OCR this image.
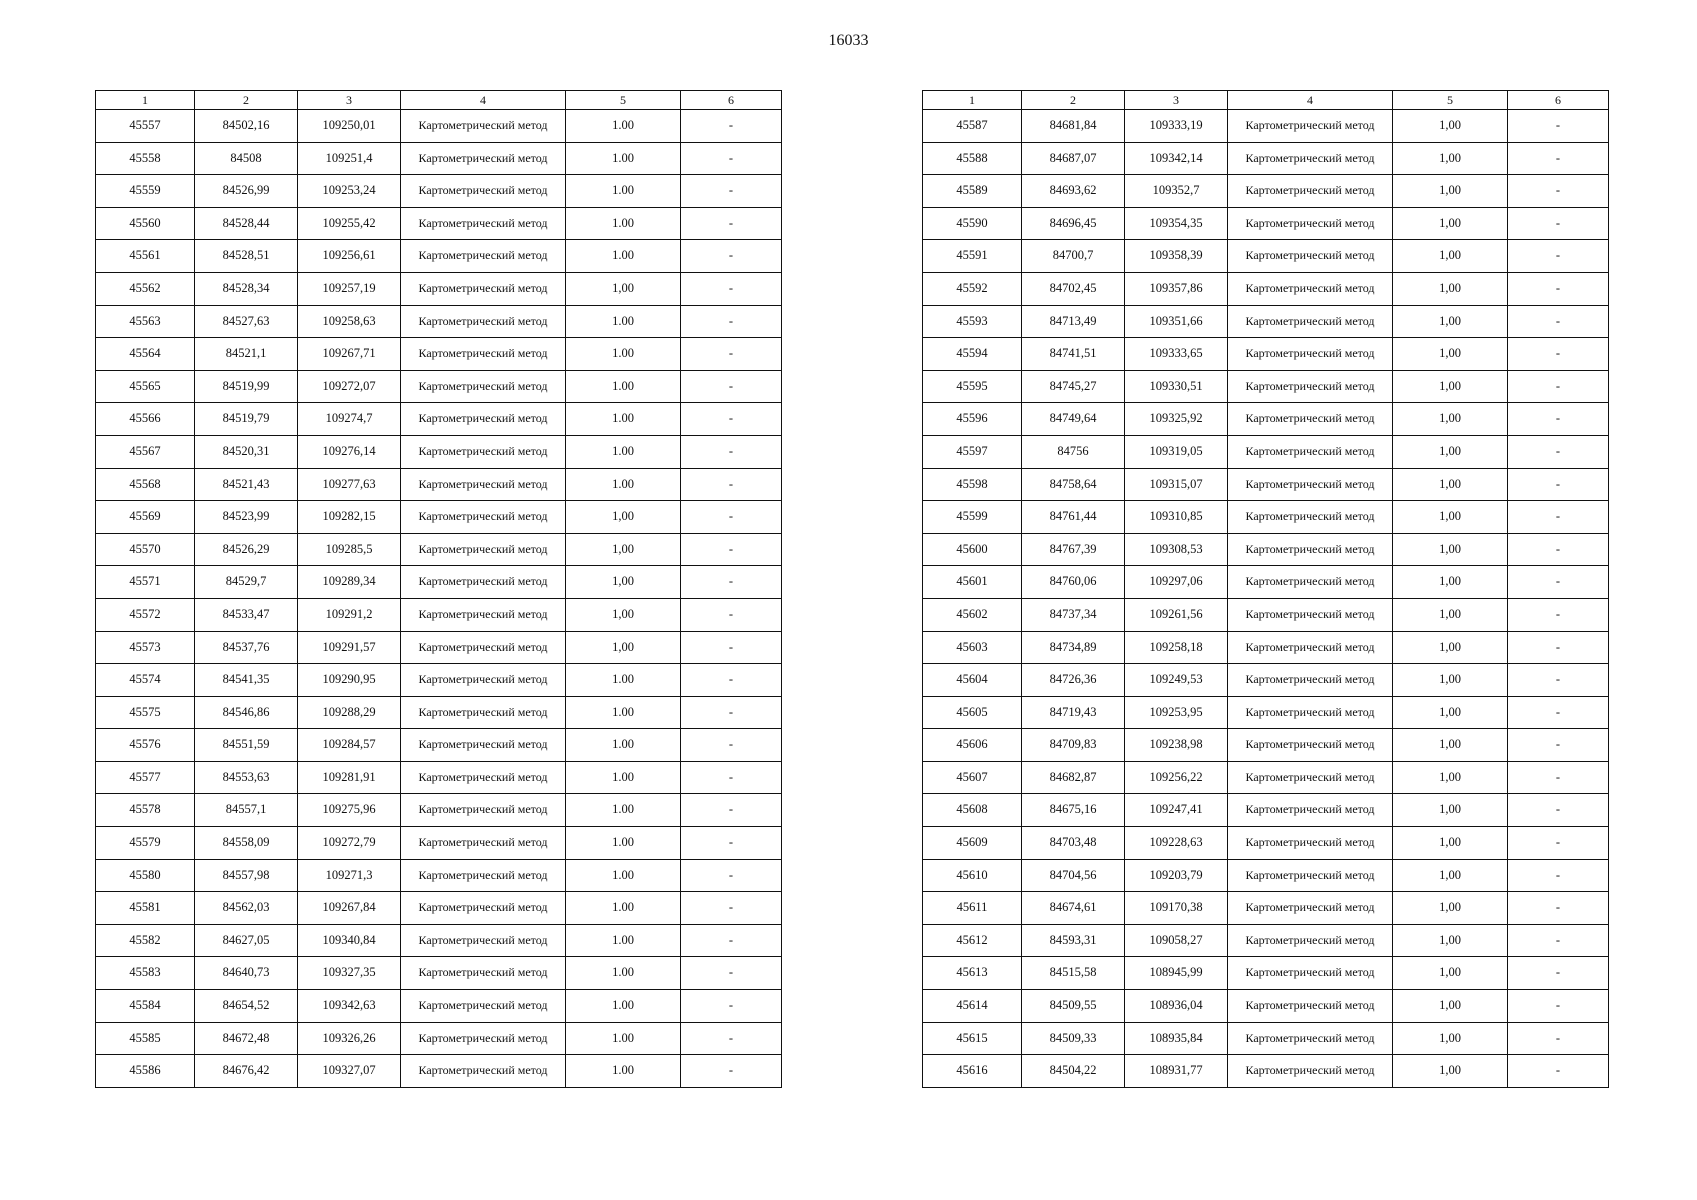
16033
1	2	3	4	5	6
45557	84502,16	109250,01	Картометрический метод	1.00	-
45558	84508	109251,4	Картометрический метод	1.00	-
45559	84526,99	109253,24	Картометрический метод	1.00	-
45560	84528,44	109255,42	Картометрический метод	1.00	-
45561	84528,51	109256,61	Картометрический метод	1.00	-
45562	84528,34	109257,19	Картометрический метод	1,00	-
45563	84527,63	109258,63	Картометрический метод	1.00	-
45564	84521,1	109267,71	Картометрический метод	1.00	-
45565	84519,99	109272,07	Картометрический метод	1.00	-
45566	84519,79	109274,7	Картометрический метод	1.00	-
45567	84520,31	109276,14	Картометрический метод	1.00	-
45568	84521,43	109277,63	Картометрический метод	1.00	-
45569	84523,99	109282,15	Картометрический метод	1,00	-
45570	84526,29	109285,5	Картометрический метод	1,00	-
45571	84529,7	109289,34	Картометрический метод	1,00	-
45572	84533,47	109291,2	Картометрический метод	1,00	-
45573	84537,76	109291,57	Картометрический метод	1,00	-
45574	84541,35	109290,95	Картометрический метод	1.00	-
45575	84546,86	109288,29	Картометрический метод	1.00	-
45576	84551,59	109284,57	Картометрический метод	1.00	-
45577	84553,63	109281,91	Картометрический метод	1.00	-
45578	84557,1	109275,96	Картометрический метод	1.00	-
45579	84558,09	109272,79	Картометрический метод	1.00	-
45580	84557,98	109271,3	Картометрический метод	1.00	-
45581	84562,03	109267,84	Картометрический метод	1.00	-
45582	84627,05	109340,84	Картометрический метод	1.00	-
45583	84640,73	109327,35	Картометрический метод	1.00	-
45584	84654,52	109342,63	Картометрический метод	1.00	-
45585	84672,48	109326,26	Картометрический метод	1.00	-
45586	84676,42	109327,07	Картометрический метод	1.00	-
1	2	3	4	5	6
45587	84681,84	109333,19	Картометрический метод	1,00	-
45588	84687,07	109342,14	Картометрический метод	1,00	-
45589	84693,62	109352,7	Картометрический метод	1,00	-
45590	84696,45	109354,35	Картометрический метод	1,00	-
45591	84700,7	109358,39	Картометрический метод	1,00	-
45592	84702,45	109357,86	Картометрический метод	1,00	-
45593	84713,49	109351,66	Картометрический метод	1,00	-
45594	84741,51	109333,65	Картометрический метод	1,00	-
45595	84745,27	109330,51	Картометрический метод	1,00	-
45596	84749,64	109325,92	Картометрический метод	1,00	-
45597	84756	109319,05	Картометрический метод	1,00	-
45598	84758,64	109315,07	Картометрический метод	1,00	-
45599	84761,44	109310,85	Картометрический метод	1,00	-
45600	84767,39	109308,53	Картометрический метод	1,00	-
45601	84760,06	109297,06	Картометрический метод	1,00	-
45602	84737,34	109261,56	Картометрический метод	1,00	-
45603	84734,89	109258,18	Картометрический метод	1,00	-
45604	84726,36	109249,53	Картометрический метод	1,00	-
45605	84719,43	109253,95	Картометрический метод	1,00	-
45606	84709,83	109238,98	Картометрический метод	1,00	-
45607	84682,87	109256,22	Картометрический метод	1,00	-
45608	84675,16	109247,41	Картометрический метод	1,00	-
45609	84703,48	109228,63	Картометрический метод	1,00	-
45610	84704,56	109203,79	Картометрический метод	1,00	-
45611	84674,61	109170,38	Картометрический метод	1,00	-
45612	84593,31	109058,27	Картометрический метод	1,00	-
45613	84515,58	108945,99	Картометрический метод	1,00	-
45614	84509,55	108936,04	Картометрический метод	1,00	-
45615	84509,33	108935,84	Картометрический метод	1,00	-
45616	84504,22	108931,77	Картометрический метод	1,00	-
